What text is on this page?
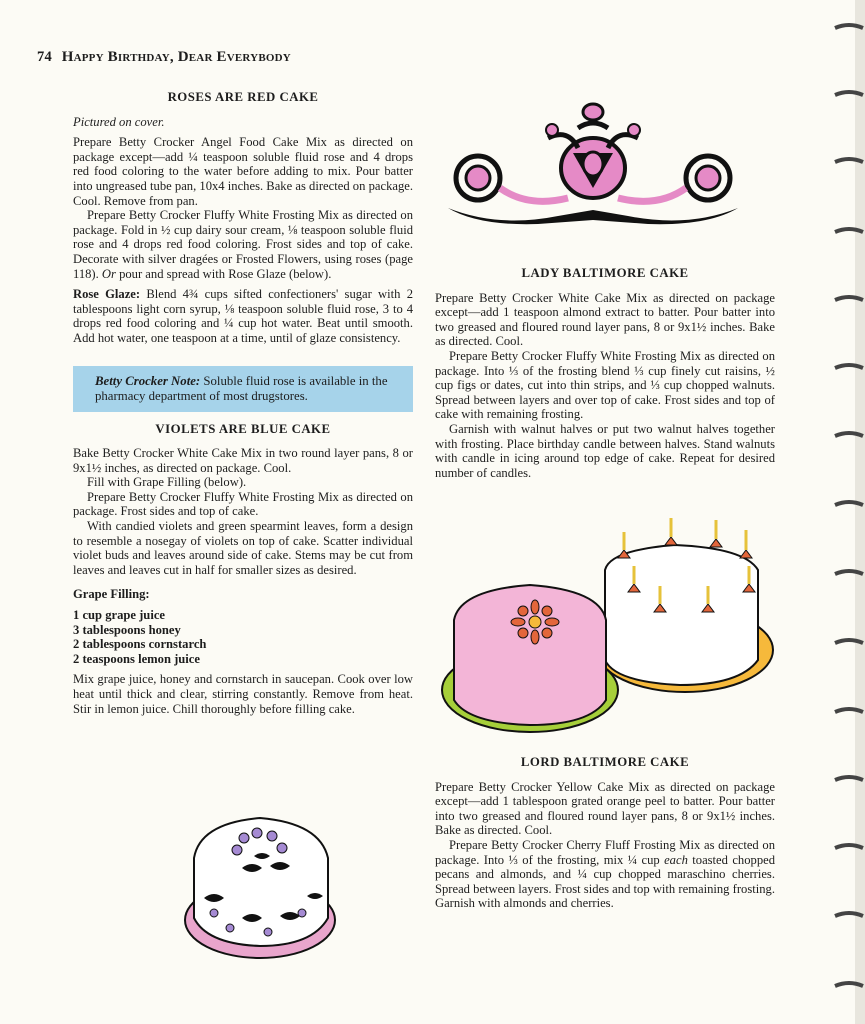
74 Happy Birthday, Dear Everybody
ROSES ARE RED CAKE

Pictured on cover.

Prepare Betty Crocker Angel Food Cake Mix as directed on package except—add ¼ teaspoon soluble fluid rose and 4 drops red food coloring to the water before adding to mix. Pour batter into ungreased tube pan, 10x4 inches. Bake as directed on package. Cool. Remove from pan.

Prepare Betty Crocker Fluffy White Frosting Mix as directed on package. Fold in ½ cup dairy sour cream, ⅛ teaspoon soluble fluid rose and 4 drops red food coloring. Frost sides and top of cake. Decorate with silver dragées or Frosted Flowers, using roses (page 118). Or pour and spread with Rose Glaze (below).

Rose Glaze: Blend 4¾ cups sifted confectioners' sugar with 2 tablespoons light corn syrup, ⅛ teaspoon soluble fluid rose, 3 to 4 drops red food coloring and ¼ cup hot water. Beat until smooth. Add hot water, one teaspoon at a time, until of glaze consistency.

Betty Crocker Note: Soluble fluid rose is available in the pharmacy department of most drugstores.
VIOLETS ARE BLUE CAKE

Bake Betty Crocker White Cake Mix in two round layer pans, 8 or 9x1½ inches, as directed on package. Cool.

Fill with Grape Filling (below).

Prepare Betty Crocker Fluffy White Frosting Mix as directed on package. Frost sides and top of cake.

With candied violets and green spearmint leaves, form a design to resemble a nosegay of violets on top of cake. Scatter individual violet buds and leaves around side of cake. Stems may be cut from leaves and leaves cut in half for smaller sizes as desired.

Grape Filling:

1 cup grape juice
3 tablespoons honey
2 tablespoons cornstarch
2 teaspoons lemon juice

Mix grape juice, honey and cornstarch in saucepan. Cook over low heat until thick and clear, stirring constantly. Remove from heat. Stir in lemon juice. Chill thoroughly before filling cake.

LADY BALTIMORE CAKE

Prepare Betty Crocker White Cake Mix as directed on package except—add 1 teaspoon almond extract to batter. Pour batter into two greased and floured round layer pans, 8 or 9x1½ inches. Bake as directed. Cool.

Prepare Betty Crocker Fluffy White Frosting Mix as directed on package. Into ⅓ of the frosting blend ⅓ cup finely cut raisins, ½ cup figs or dates, cut into thin strips, and ⅓ cup chopped walnuts. Spread between layers and over top of cake. Frost sides and top of cake with remaining frosting.

Garnish with walnut halves or put two walnut halves together with frosting. Place birthday candle between halves. Stand walnuts with candle in icing around top edge of cake. Repeat for desired number of candles.

LORD BALTIMORE CAKE

Prepare Betty Crocker Yellow Cake Mix as directed on package except—add 1 tablespoon grated orange peel to batter. Pour batter into two greased and floured round layer pans, 8 or 9x1½ inches. Bake as directed. Cool.

Prepare Betty Crocker Cherry Fluff Frosting Mix as directed on package. Into ⅓ of the frosting, mix ¼ cup each toasted chopped pecans and almonds, and ¼ cup chopped maraschino cherries. Spread between layers. Frost sides and top with remaining frosting. Garnish with almonds and cherries.
